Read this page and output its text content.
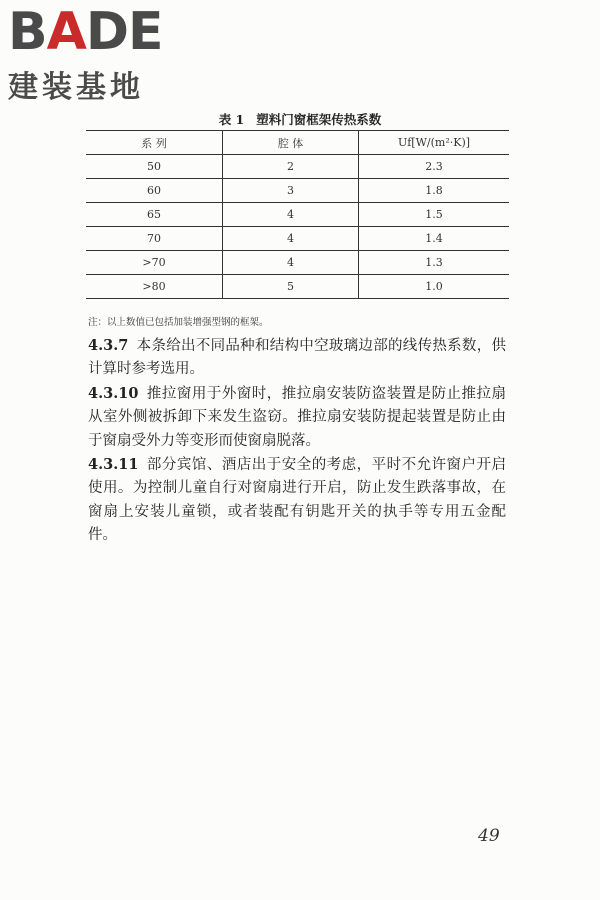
BADE
建装基地
表 1 塑料门窗框架传热系数
系 列	腔 体	Uf[W/(m²·K)]
50	2	2.3
60	3	1.8
65	4	1.5
70	4	1.4
>70	4	1.3
>80	5	1.0
注：以上数值已包括加装增强型钢的框架。

4.3.7 本条给出不同品种和结构中空玻璃边部的线传热系数，供计算时参考选用。

4.3.10 推拉窗用于外窗时，推拉扇安装防盗装置是防止推拉扇从室外侧被拆卸下来发生盗窃。推拉扇安装防提起装置是防止由于窗扇受外力等变形而使窗扇脱落。

4.3.11 部分宾馆、酒店出于安全的考虑，平时不允许窗户开启使用。为控制儿童自行对窗扇进行开启，防止发生跌落事故，在窗扇上安装儿童锁，或者装配有钥匙开关的执手等专用五金配件。

49
